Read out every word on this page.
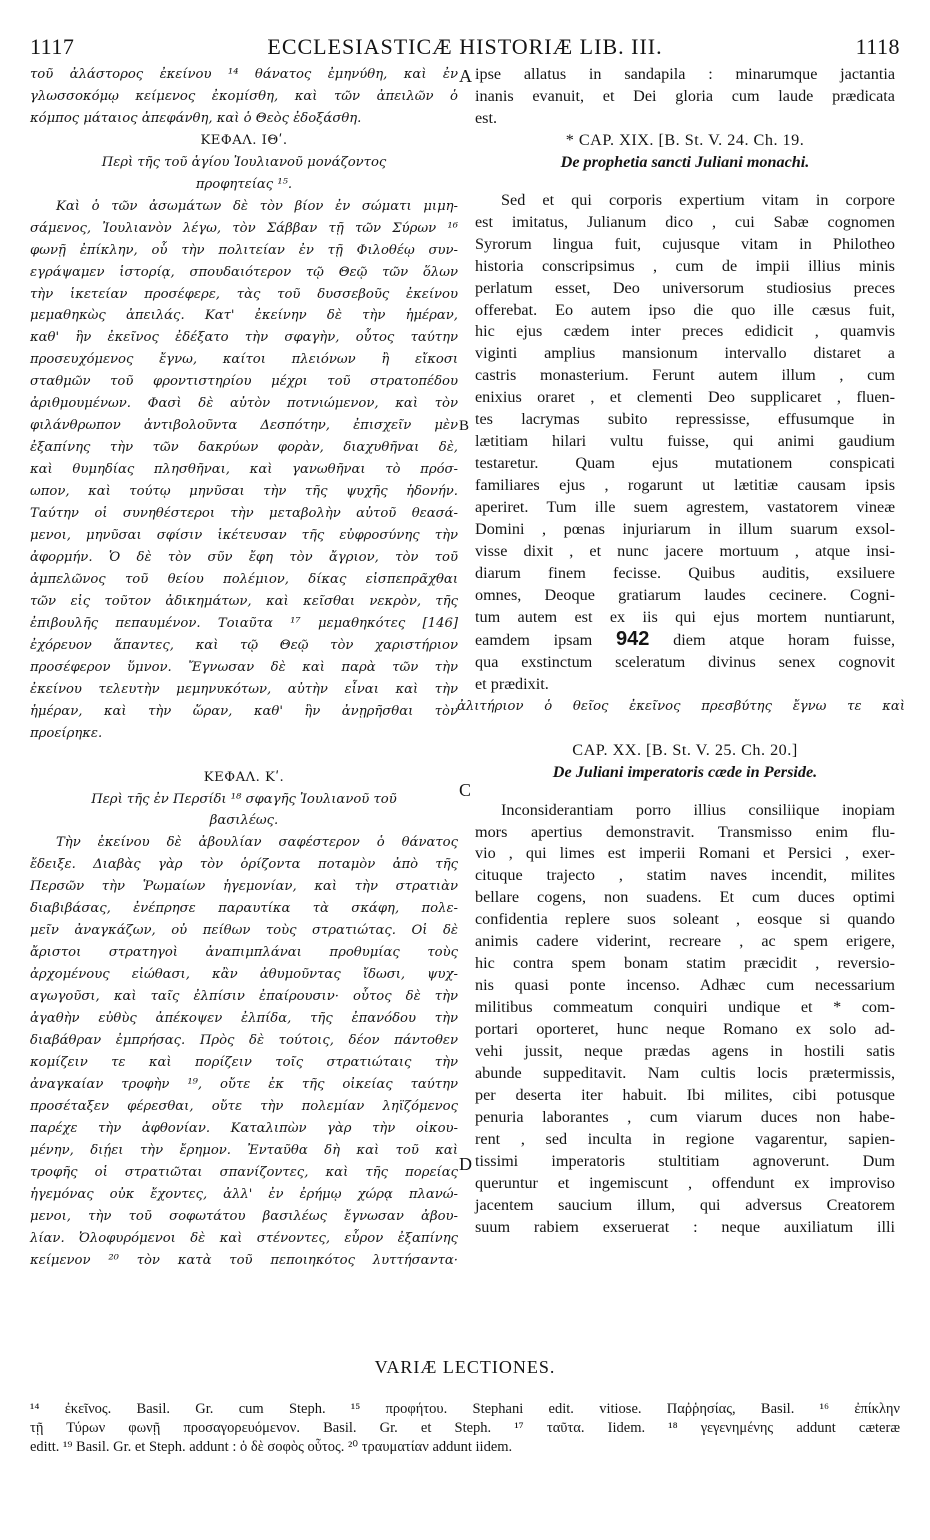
1117	ECCLESIASTICÆ HISTORIÆ LIB. III.	1118
A
B
C
D

τοῦ ἀλάστορος ἐκείνου ¹⁴ θάνατος ἐμηνύθη, καὶ ἐν

γλωσσοκόμῳ κείμενος ἐκομίσθη, καὶ τῶν ἀπειλῶν ὁ

κόμπος μάταιος ἀπεφάνθη, καὶ ὁ Θεὸς ἐδοξάσθη.

ΚΕΦΑΛ. ΙΘʹ.

Περὶ τῆς τοῦ ἁγίου Ἰουλιανοῦ μονάζοντος

προφητείας ¹⁵.

Καὶ ὁ τῶν ἀσωμάτων δὲ τὸν βίον ἐν σώματι μιμη-

σάμενος, Ἰουλιανὸν λέγω, τὸν Σάββαν τῇ τῶν Σύρων ¹⁶

φωνῇ ἐπίκλην, οὗ τὴν πολιτείαν ἐν τῇ Φιλοθέῳ συν-

εγράψαμεν ἱστορίᾳ, σπουδαιότερον τῷ Θεῷ τῶν ὅλων

τὴν ἱκετείαν προσέφερε, τὰς τοῦ δυσσεβοῦς ἐκείνου

μεμαθηκὼς ἀπειλάς. Κατ' ἐκείνην δὲ τὴν ἡμέραν,

καθ' ἣν ἐκεῖνος ἐδέξατο τὴν σφαγὴν, οὗτος ταύτην

προσευχόμενος ἔγνω, καίτοι πλειόνων ἢ εἴκοσι

σταθμῶν τοῦ φροντιστηρίου μέχρι τοῦ στρατοπέδου

ἀριθμουμένων. Φασὶ δὲ αὐτὸν ποτνιώμενον, καὶ τὸν

φιλάνθρωπον ἀντιβολοῦντα Δεσπότην, ἐπισχεῖν μὲν

ἐξαπίνης τὴν τῶν δακρύων φορὰν, διαχυθῆναι δὲ,

καὶ θυμηδίας πλησθῆναι, καὶ γανωθῆναι τὸ πρόσ-

ωπον, καὶ τούτῳ μηνῦσαι τὴν τῆς ψυχῆς ἡδονήν.

Ταύτην οἱ συνηθέστεροι τὴν μεταβολὴν αὐτοῦ θεασά-

μενοι, μηνῦσαι σφίσιν ἱκέτευσαν τῆς εὐφροσύνης τὴν

ἀφορμήν. Ὁ δὲ τὸν σῦν ἔφη τὸν ἄγριον, τὸν τοῦ

ἀμπελῶνος τοῦ θείου πολέμιον, δίκας εἰσπεπρᾶχθαι

τῶν εἰς τοῦτον ἀδικημάτων, καὶ κεῖσθαι νεκρὸν, τῆς

ἐπιβουλῆς πεπαυμένον. Τοιαῦτα ¹⁷ μεμαθηκότες [146]

ἐχόρευον ἅπαντες, καὶ τῷ Θεῷ τὸν χαριστήριον

προσέφερον ὕμνον. Ἔγνωσαν δὲ καὶ παρὰ τῶν τὴν

ἐκείνου τελευτὴν μεμηνυκότων, αὐτὴν εἶναι καὶ τὴν

ἡμέραν, καὶ τὴν ὥραν, καθ' ἣν ἀνῃρῆσθαι τὸν

προείρηκε.

ΚΕΦΑΛ. Κʹ.

Περὶ τῆς ἐν Περσίδι ¹⁸ σφαγῆς Ἰουλιανοῦ τοῦ

βασιλέως.

Τὴν ἐκείνου δὲ ἀβουλίαν σαφέστερον ὁ θάνατος

ἔδειξε. Διαβὰς γὰρ τὸν ὁρίζοντα ποταμὸν ἀπὸ τῆς

Περσῶν τὴν Ῥωμαίων ἡγεμονίαν, καὶ τὴν στρατιὰν

διαβιβάσας, ἐνέπρησε παραυτίκα τὰ σκάφη, πολε-

μεῖν ἀναγκάζων, οὐ πείθων τοὺς στρατιώτας. Οἱ δὲ

ἄριστοι στρατηγοὶ ἀναπιμπλάναι προθυμίας τοὺς

ἀρχομένους εἰώθασι, κἂν ἀθυμοῦντας ἴδωσι, ψυχ-

αγωγοῦσι, καὶ ταῖς ἐλπίσιν ἐπαίρουσιν· οὗτος δὲ τὴν

ἀγαθὴν εὐθὺς ἀπέκοψεν ἐλπίδα, τῆς ἐπανόδου τὴν

διαβάθραν ἐμπρήσας. Πρὸς δὲ τούτοις, δέον πάντοθεν

κομίζειν τε καὶ πορίζειν τοῖς στρατιώταις τὴν

ἀναγκαίαν τροφὴν ¹⁹, οὔτε ἐκ τῆς οἰκείας ταύτην

προσέταξεν φέρεσθαι, οὔτε τὴν πολεμίαν ληϊζόμενος

παρέχε τὴν ἀφθονίαν. Καταλιπὼν γὰρ τὴν οἰκου-

μένην, διῄει τὴν ἔρημον. Ἐνταῦθα δὴ καὶ τοῦ καὶ

τροφῆς οἱ στρατιῶται σπανίζοντες, καὶ τῆς πορείας

ἡγεμόνας οὐκ ἔχοντες, ἀλλ' ἐν ἐρήμῳ χώρᾳ πλανώ-

μενοι, τὴν τοῦ σοφωτάτου βασιλέως ἔγνωσαν ἀβου-

λίαν. Ὀλοφυρόμενοι δὲ καὶ στένοντες, εὗρον ἐξαπίνης

κείμενον ²⁰ τὸν κατὰ τοῦ πεποιηκότος λυττήσαντα·

ipse allatus in sandapila : minarumque jactantia

inanis evanuit, et Dei gloria cum laude prædicata

est.

* CAP. XIX. [B. St. V. 24. Ch. 19.

De prophetia sancti Juliani monachi.

Sed et qui corporis expertium vitam in corpore

est imitatus, Julianum dico , cui Sabæ cognomen

Syrorum lingua fuit, cujusque vitam in Philotheo

historia conscripsimus , cum de impii illius minis

perlatum esset, Deo universorum studiosius preces

offerebat. Eo autem ipso die quo ille cæsus fuit,

hic ejus cædem inter preces edidicit , quamvis

viginti amplius mansionum intervallo distaret a

castris monasterium. Ferunt autem illum , cum

enixius oraret , et clementi Deo supplicaret , fluen-

tes lacrymas subito repressisse, effusumque in

lætitiam hilari vultu fuisse, qui animi gaudium

testaretur. Quam ejus mutationem conspicati

familiares ejus , rogarunt ut lætitiæ causam ipsis

aperiret. Tum ille suem agrestem, vastatorem vineæ

Domini , pœnas injuriarum in illum suarum exsol-

visse dixit , et nunc jacere mortuum , atque insi-

diarum finem fecisse. Quibus auditis, exsiluere

omnes, Deoque gratiarum laudes cecinere. Cogni-

tum autem est ex iis qui ejus mortem nuntiarunt,

eamdem ipsam 942 diem atque horam fuisse,

qua exstinctum sceleratum divinus senex cognovit

et prædixit.

ἀλιτήριον ὁ θεῖος ἐκεῖνος πρεσβύτης ἔγνω τε καὶ

CAP. XX. [B. St. V. 25. Ch. 20.]

De Juliani imperatoris cæde in Perside.

Inconsiderantiam porro illius consiliique inopiam

mors apertius demonstravit. Transmisso enim flu-

vio , qui limes est imperii Romani et Persici , exer-

cituque trajecto , statim naves incendit, milites

bellare cogens, non suadens. Et cum duces optimi

confidentia replere suos soleant , eosque si quando

animis cadere viderint, recreare , ac spem erigere,

hic contra spem bonam statim præcidit , reversio-

nis quasi ponte incenso. Adhæc cum necessarium

militibus commeatum conquiri undique et * com-

portari oporteret, hunc neque Romano ex solo ad-

vehi jussit, neque prædas agens in hostili satis

abunde suppeditavit. Nam cultis locis prætermissis,

per deserta iter habuit. Ibi milites, cibi potusque

penuria laborantes , cum viarum duces non habe-

rent , sed inculta in regione vagarentur, sapien-

tissimi imperatoris stultitiam agnoverunt. Dum

queruntur et ingemiscunt , offendunt ex improviso

jacentem saucium illum, qui adversus Creatorem

suum rabiem exseruerat : neque auxiliatum illi

VARIÆ LECTIONES.

¹⁴ ἐκεῖνος. Basil. Gr. cum Steph. ¹⁵ προφήτου. Stephani edit. vitiose. Παῤῥησίας, Basil. ¹⁶ ἐπίκλην

τῇ Τύρων φωνῇ προσαγορευόμενον. Basil. Gr. et Steph. ¹⁷ ταῦτα. Iidem. ¹⁸ γεγενημένης addunt cæteræ

editt. ¹⁹ Basil. Gr. et Steph. addunt : ὁ δὲ σοφὸς οὗτος. ²⁰ τραυματίαν addunt iidem.
